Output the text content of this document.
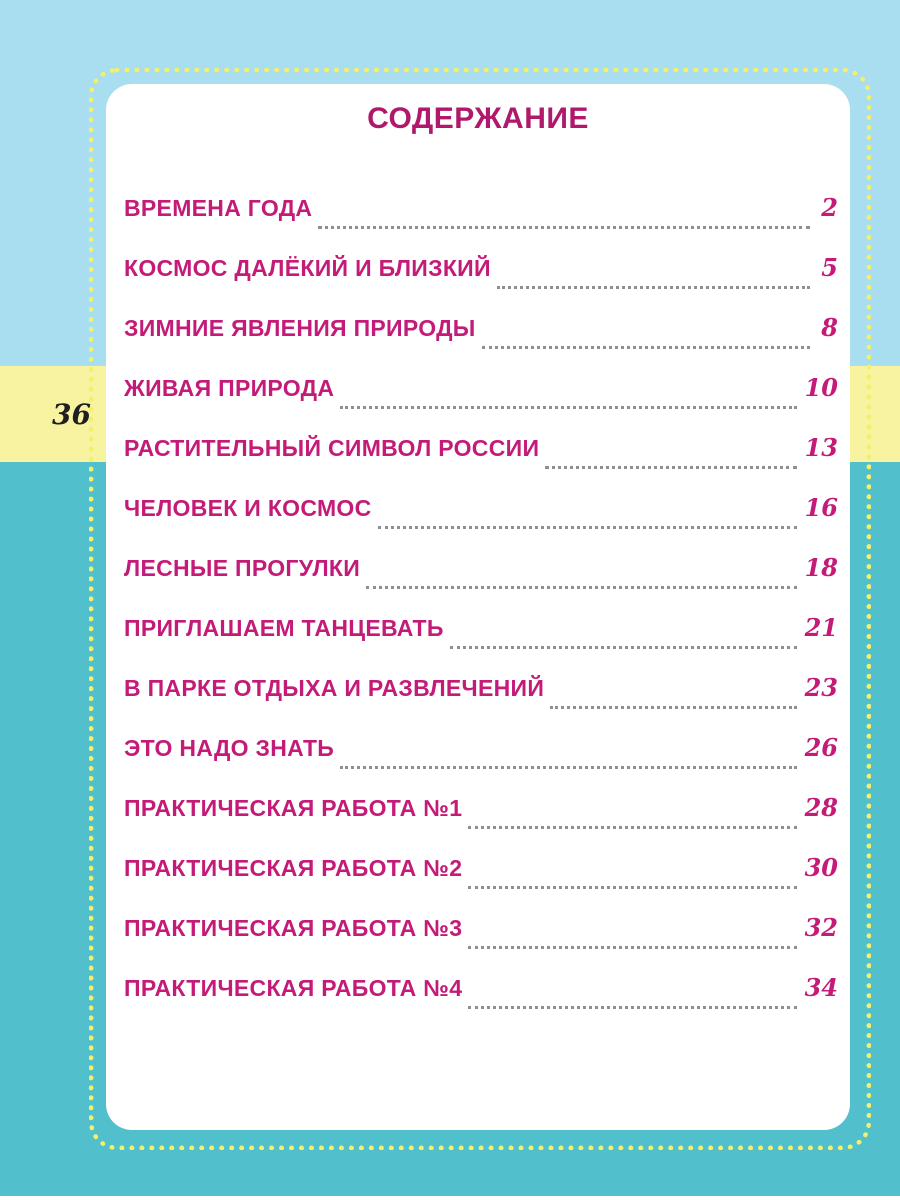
36
СОДЕРЖАНИЕ
ВРЕМЕНА ГОДА	2
КОСМОС ДАЛЁКИЙ И БЛИЗКИЙ	5
ЗИМНИЕ ЯВЛЕНИЯ ПРИРОДЫ	8
ЖИВАЯ ПРИРОДА	10
РАСТИТЕЛЬНЫЙ СИМВОЛ РОССИИ	13
ЧЕЛОВЕК И КОСМОС	16
ЛЕСНЫЕ ПРОГУЛКИ	18
ПРИГЛАШАЕМ ТАНЦЕВАТЬ	21
В ПАРКЕ ОТДЫХА И РАЗВЛЕЧЕНИЙ	23
ЭТО НАДО ЗНАТЬ	26
ПРАКТИЧЕСКАЯ РАБОТА №1	28
ПРАКТИЧЕСКАЯ РАБОТА №2	30
ПРАКТИЧЕСКАЯ РАБОТА №3	32
ПРАКТИЧЕСКАЯ РАБОТА №4	34
